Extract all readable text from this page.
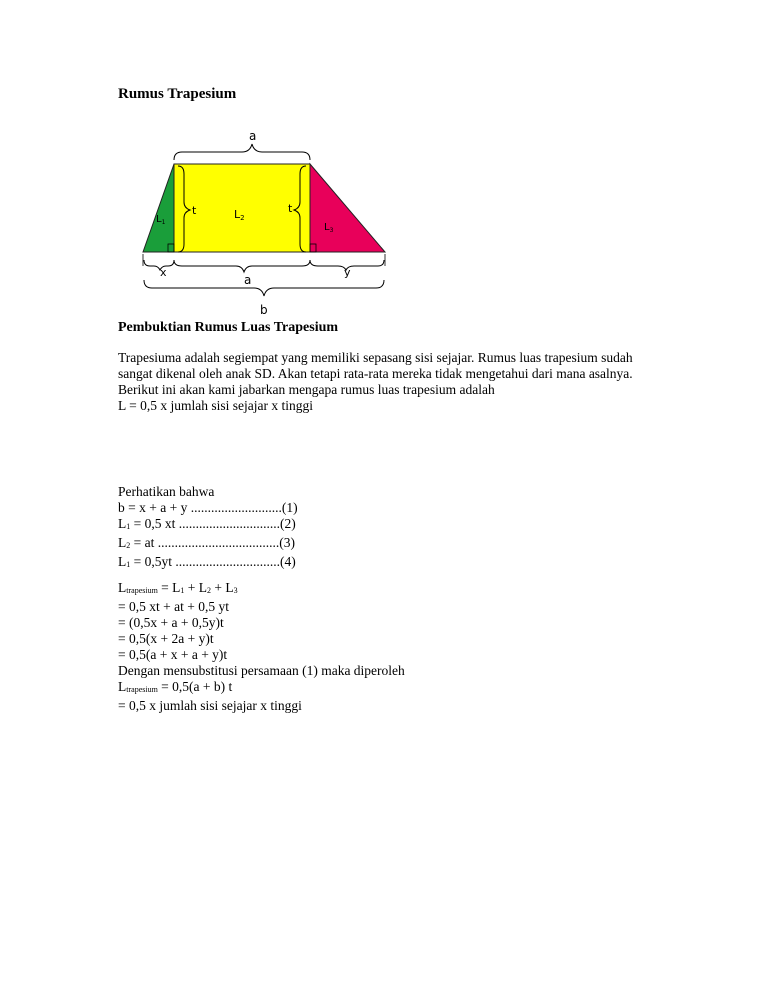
Rumus Trapesium
a
t	t
L2
$L_1$	$L_3$
x
a
y
b
Pembuktian Rumus Luas Trapesium

Trapesiuma adalah segiempat yang memiliki sepasang sisi sejajar. Rumus luas trapesium sudah sangat dikenal oleh anak SD. Akan tetapi rata-rata mereka tidak mengetahui dari mana asalnya. Berikut ini akan kami jabarkan mengapa rumus luas trapesium adalah
L = 0,5 x jumlah sisi sejajar x tinggi

Perhatikan bahwa
b = x + a + y ...........................(1)
$L_1 = 0,5$ xt ..............................(2)
$L_2$ = at ....................................(3)
$L_1 = 0,5yt$ ...............................(4)
$L_{trapesium} = L_1 + L_2 + L_3$
= 0,5 xt + at + 0,5 yt
= (0,5x + a + 0,5y)t
= 0,5(x + 2a + y)t
= 0,5(a + x + a + y)t
Dengan mensubstitusi persamaan (1) maka diperoleh
$L_{trapesium} = 0,5(a + b)$ t
= 0,5 x jumlah sisi sejajar x tinggi
